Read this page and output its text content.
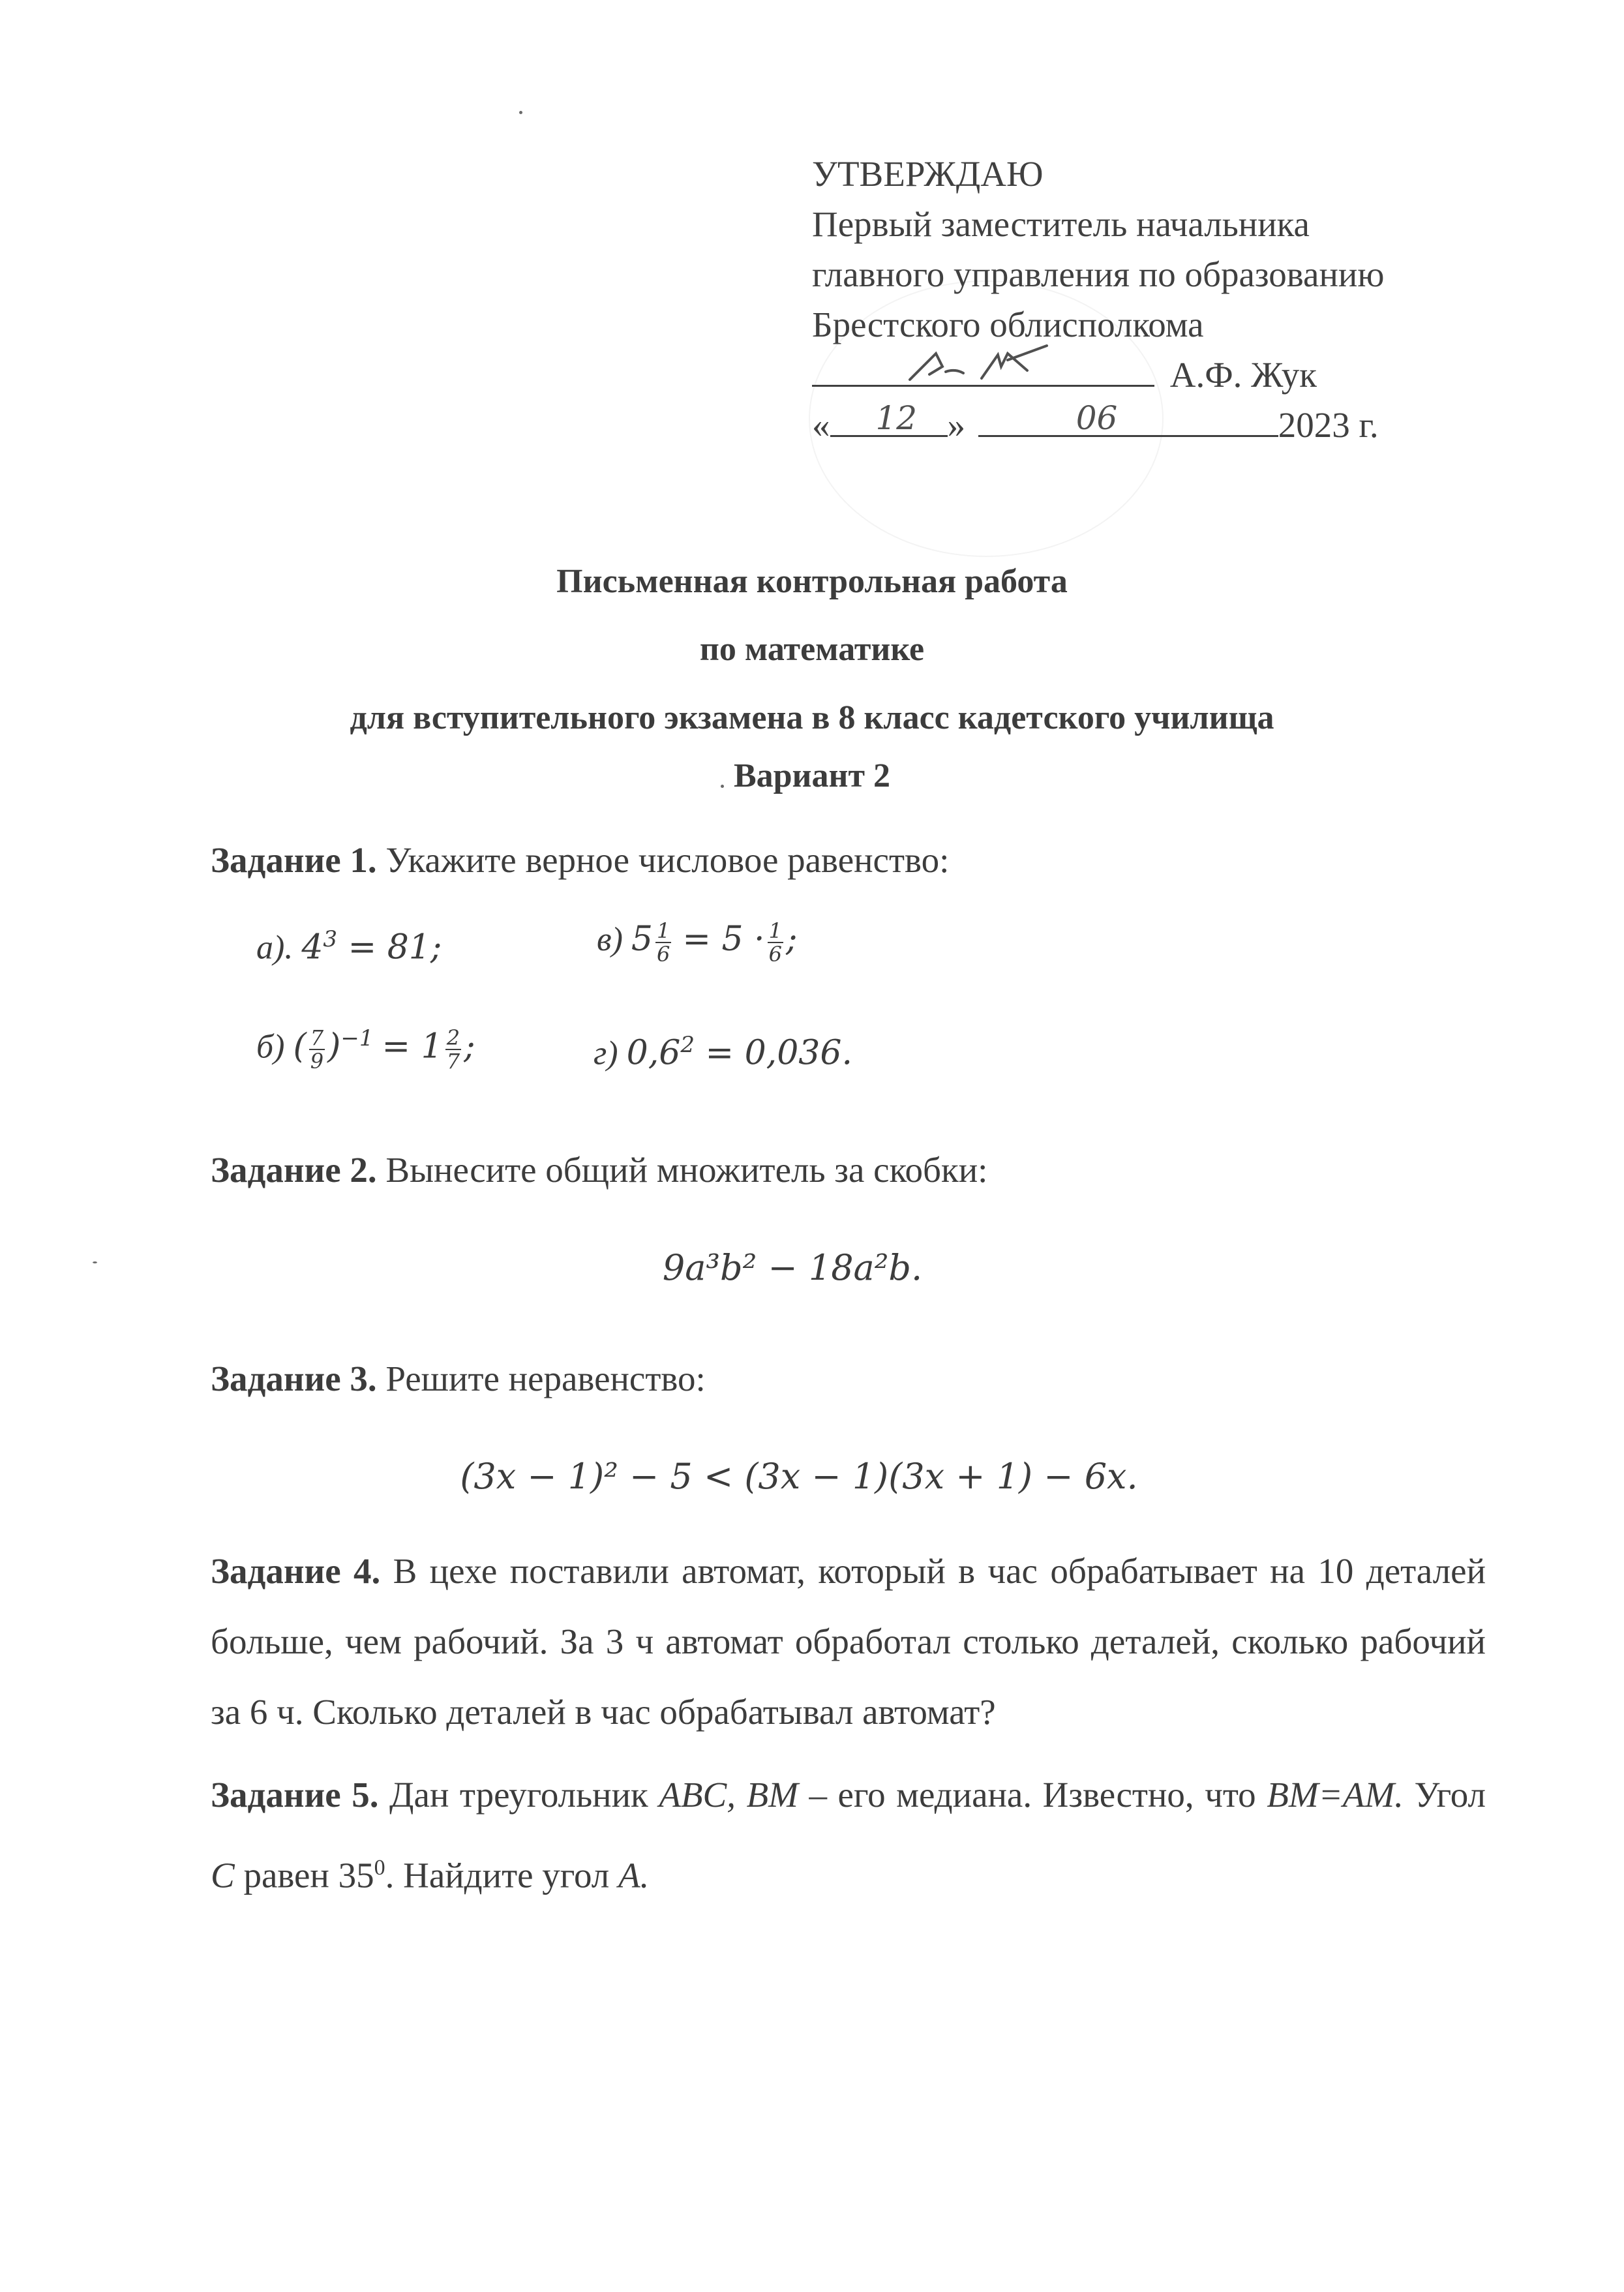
УТВЕРЖДАЮ
Первый заместитель начальника
главного управления по образованию
Брестского облисполкома
А.Ф. Жук
« 12 »	06	2023 г.
Письменная контрольная работа
по математике
для вступительного экзамена в 8 класс кадетского училища
Вариант 2
Задание 1. Укажите верное числовое равенство:
а). $4^3 = 81$;	в) $5 \frac{1}{6} = 5 \cdot \frac{1}{6}$ ;
б) ( $\frac{7}{9} )^{-1} = 1 \frac{2}{7}$ ;	г) $0,6^2 = 0,036$.
Задание 2. Вынесите общий множитель за скобки:
9a³b² − 18a²b.
Задание 3. Решите неравенство:
(3x − 1)² − 5 < (3x − 1)(3x + 1) − 6x.
Задание 4. В цехе поставили автомат, который в час обрабатывает на 10 деталей больше, чем рабочий. За 3 ч автомат обработал столько деталей, сколько рабочий за 6 ч. Сколько деталей в час обрабатывал автомат?
Задание 5. Дан треугольник ABC, BM – его медиана. Известно, что BM=AM. Угол C равен $35^0$. Найдите угол A.
